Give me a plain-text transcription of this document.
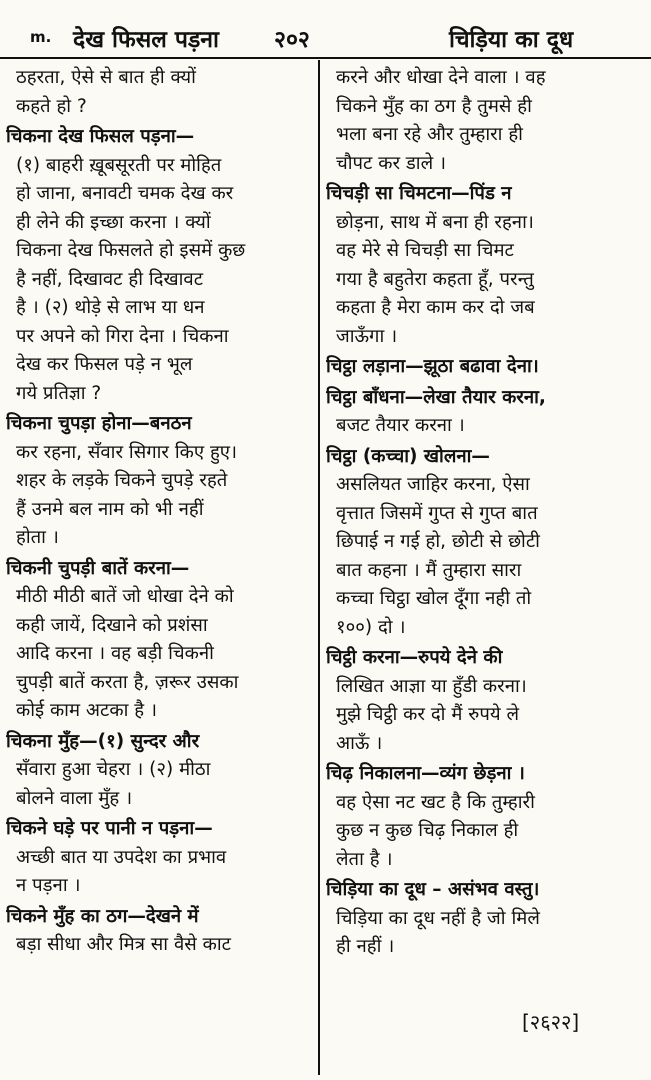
m. देख फिसल पड़ना २०२	चिड़िया का दूध
ठहरता, ऐसे से बात ही क्यों
कहते हो ?
चिकना देख फिसल पड़ना—
(१) बाहरी ख़ूबसूरती पर मोहित
हो जाना, बनावटी चमक देख कर
ही लेने की इच्छा करना । क्यों
चिकना देख फिसलते हो इसमें कुछ
है नहीं, दिखावट ही दिखावट
है । (२) थोड़े से लाभ या धन
पर अपने को गिरा देना । चिकना
देख कर फिसल पड़े न भूल
गये प्रतिज्ञा ?
चिकना चुपड़ा होना—बनठन
कर रहना, सँवार सिगार किए हुए।
शहर के लड़के चिकने चुपड़े रहते
हैं उनमे बल नाम को भी नहीं
होता ।
चिकनी चुपड़ी बातें करना—
मीठी मीठी बातें जो धोखा देने को
कही जायें, दिखाने को प्रशंसा
आदि करना । वह बड़ी चिकनी
चुपड़ी बातें करता है, ज़रूर उसका
कोई काम अटका है ।
चिकना मुँह—(१) सुन्दर और
सँवारा हुआ चेहरा । (२) मीठा
बोलने वाला मुँह ।
चिकने घड़े पर पानी न पड़ना—
अच्छी बात या उपदेश का प्रभाव
न पड़ना ।
चिकने मुँह का ठग—देखने में
बड़ा सीधा और मित्र सा वैसे काट
करने और धोखा देने वाला । वह
चिकने मुँह का ठग है तुमसे ही
भला बना रहे और तुम्हारा ही
चौपट कर डाले ।
चिचड़ी सा चिमटना—पिंड न
छोड़ना, साथ में बना ही रहना।
वह मेरे से चिचड़ी सा चिमट
गया है बहुतेरा कहता हूँ, परन्तु
कहता है मेरा काम कर दो जब
जाऊँगा ।
चिट्ठा लड़ाना—झूठा बढावा देना।
चिट्ठा बाँधना—लेखा तैयार करना,
बजट तैयार करना ।
चिट्ठा (कच्चा) खोलना—
असलियत जाहिर करना, ऐसा
वृत्तात जिसमें गुप्त से गुप्त बात
छिपाई न गई हो, छोटी से छोटी
बात कहना । मैं तुम्हारा सारा
कच्चा चिट्ठा खोल दूँगा नही तो
१००) दो ।
चिट्ठी करना—रुपये देने की
लिखित आज्ञा या हुँडी करना।
मुझे चिट्ठी कर दो मैं रुपये ले
आऊँ ।
चिढ़ निकालना—व्यंग छेड़ना ।
वह ऐसा नट खट है कि तुम्हारी
कुछ न कुछ चिढ़ निकाल ही
लेता है ।
चिड़िया का दूध – असंभव वस्तु।
चिड़िया का दूध नहीं है जो मिले
ही नहीं ।
[२६२२]
